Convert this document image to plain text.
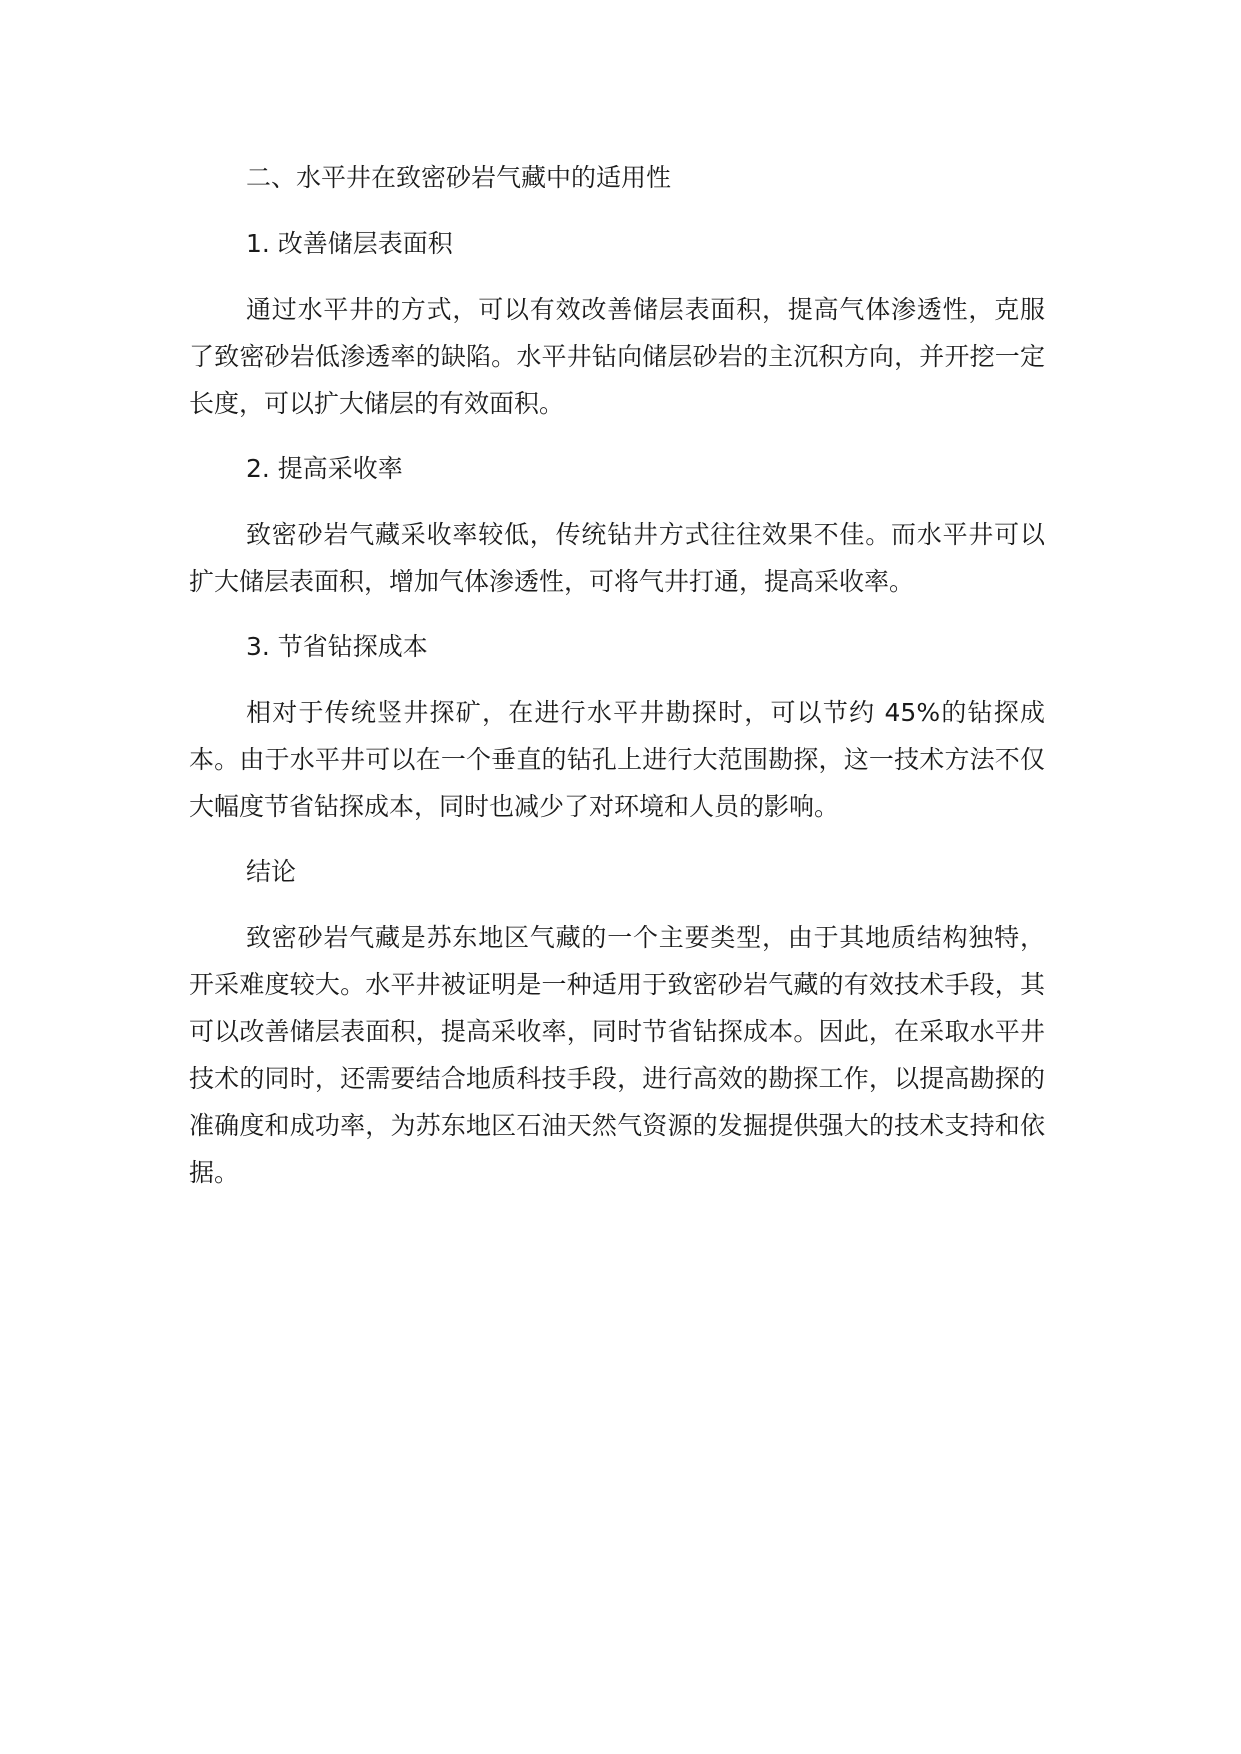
二、水平井在致密砂岩气藏中的适用性

1. 改善储层表面积

通过水平井的方式，可以有效改善储层表面积，提高气体渗透性，克服了致密砂岩低渗透率的缺陷。水平井钻向储层砂岩的主沉积方向，并开挖一定长度，可以扩大储层的有效面积。

2. 提高采收率

致密砂岩气藏采收率较低，传统钻井方式往往效果不佳。而水平井可以扩大储层表面积，增加气体渗透性，可将气井打通，提高采收率。

3. 节省钻探成本

相对于传统竖井探矿，在进行水平井勘探时，可以节约 45%的钻探成本。由于水平井可以在一个垂直的钻孔上进行大范围勘探，这一技术方法不仅大幅度节省钻探成本，同时也减少了对环境和人员的影响。

结论

致密砂岩气藏是苏东地区气藏的一个主要类型，由于其地质结构独特，开采难度较大。水平井被证明是一种适用于致密砂岩气藏的有效技术手段，其可以改善储层表面积，提高采收率，同时节省钻探成本。因此，在采取水平井技术的同时，还需要结合地质科技手段，进行高效的勘探工作，以提高勘探的准确度和成功率，为苏东地区石油天然气资源的发掘提供强大的技术支持和依据。
